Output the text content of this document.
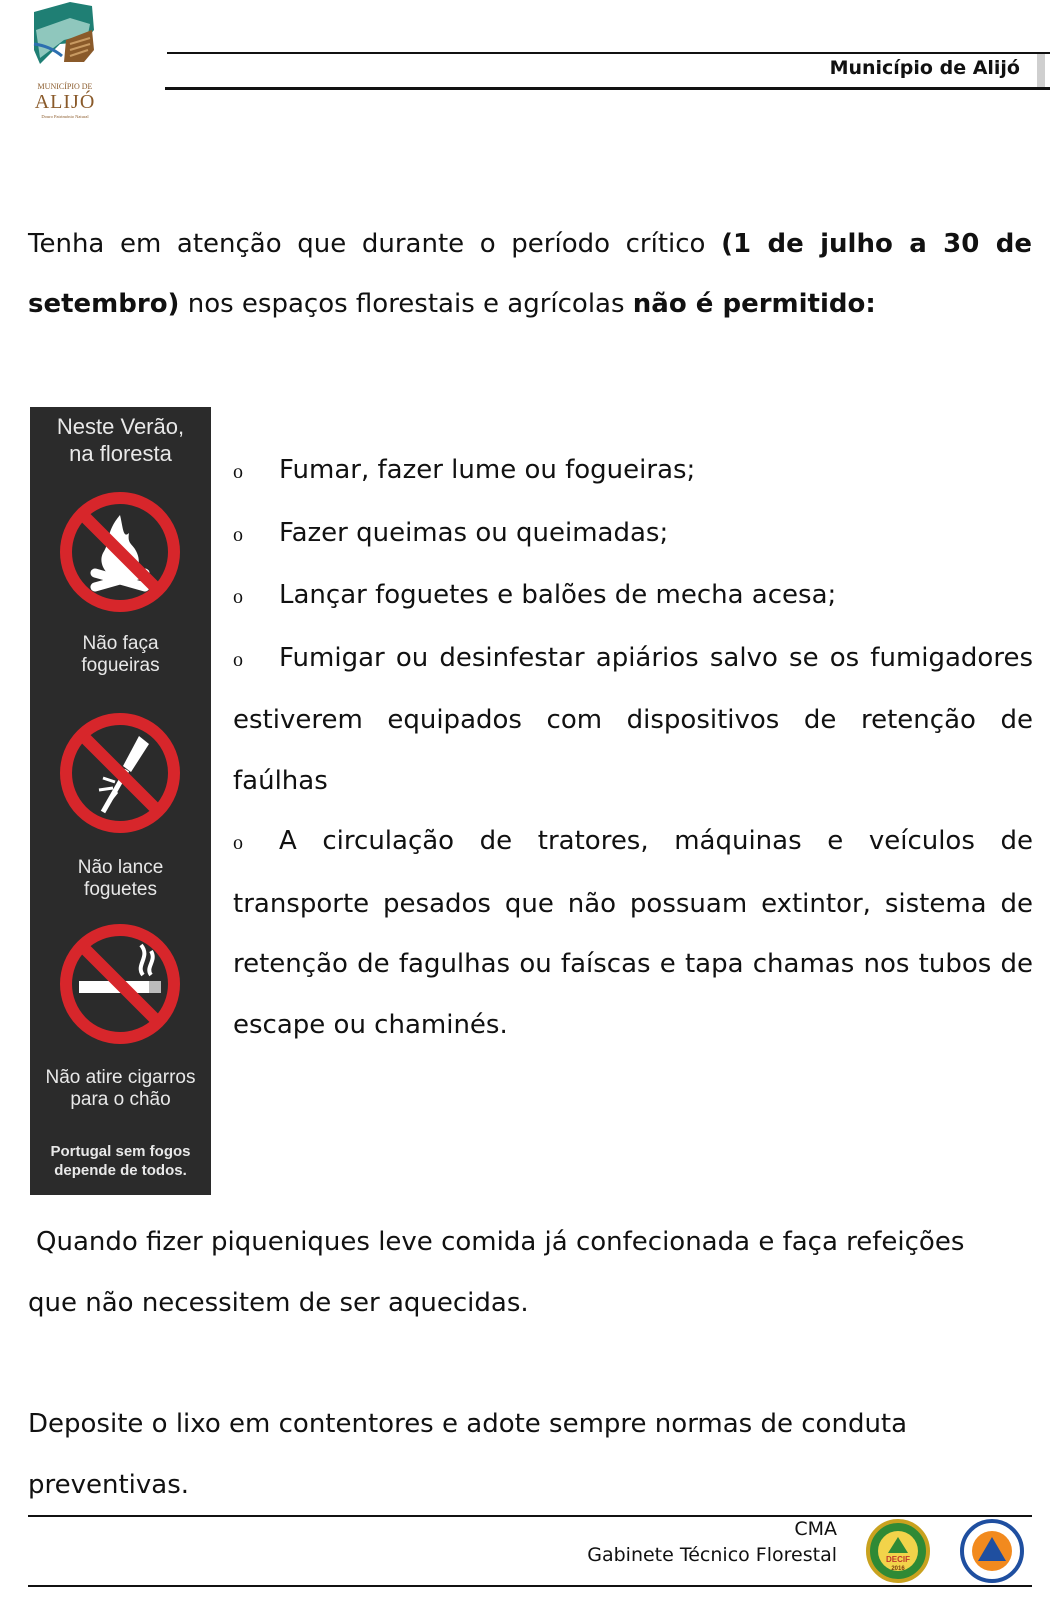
MUNICÍPIO DE
ALIJÓ
Douro Património Natural
Município de Alijó

Tenha em atenção que durante o período crítico (1 de julho a 30 de setembro) nos espaços florestais e agrícolas não é permitido:

Neste Verão,
na floresta
Não faça
fogueiras
Não lance
foguetes
Não atire cigarros
para o chão
Portugal sem fogos
depende de todos.
o Fumar, fazer lume ou fogueiras;
o Fazer queimas ou queimadas;
o Lançar foguetes e balões de mecha acesa;
o Fumigar ou desinfestar apiários salvo se os fumigadores estiverem equipados com dispositivos de retenção de faúlhas
o A circulação de tratores, máquinas e veículos de transporte pesados que não possuam extintor, sistema de retenção de fagulhas ou faíscas e tapa chamas nos tubos de escape ou chaminés.
Quando fizer piqueniques leve comida já confecionada e faça refeições
que não necessitem de ser aquecidas.
Deposite o lixo em contentores e adote sempre normas de conduta
preventivas.
CMA
Gabinete Técnico Florestal	DECIF
2016
